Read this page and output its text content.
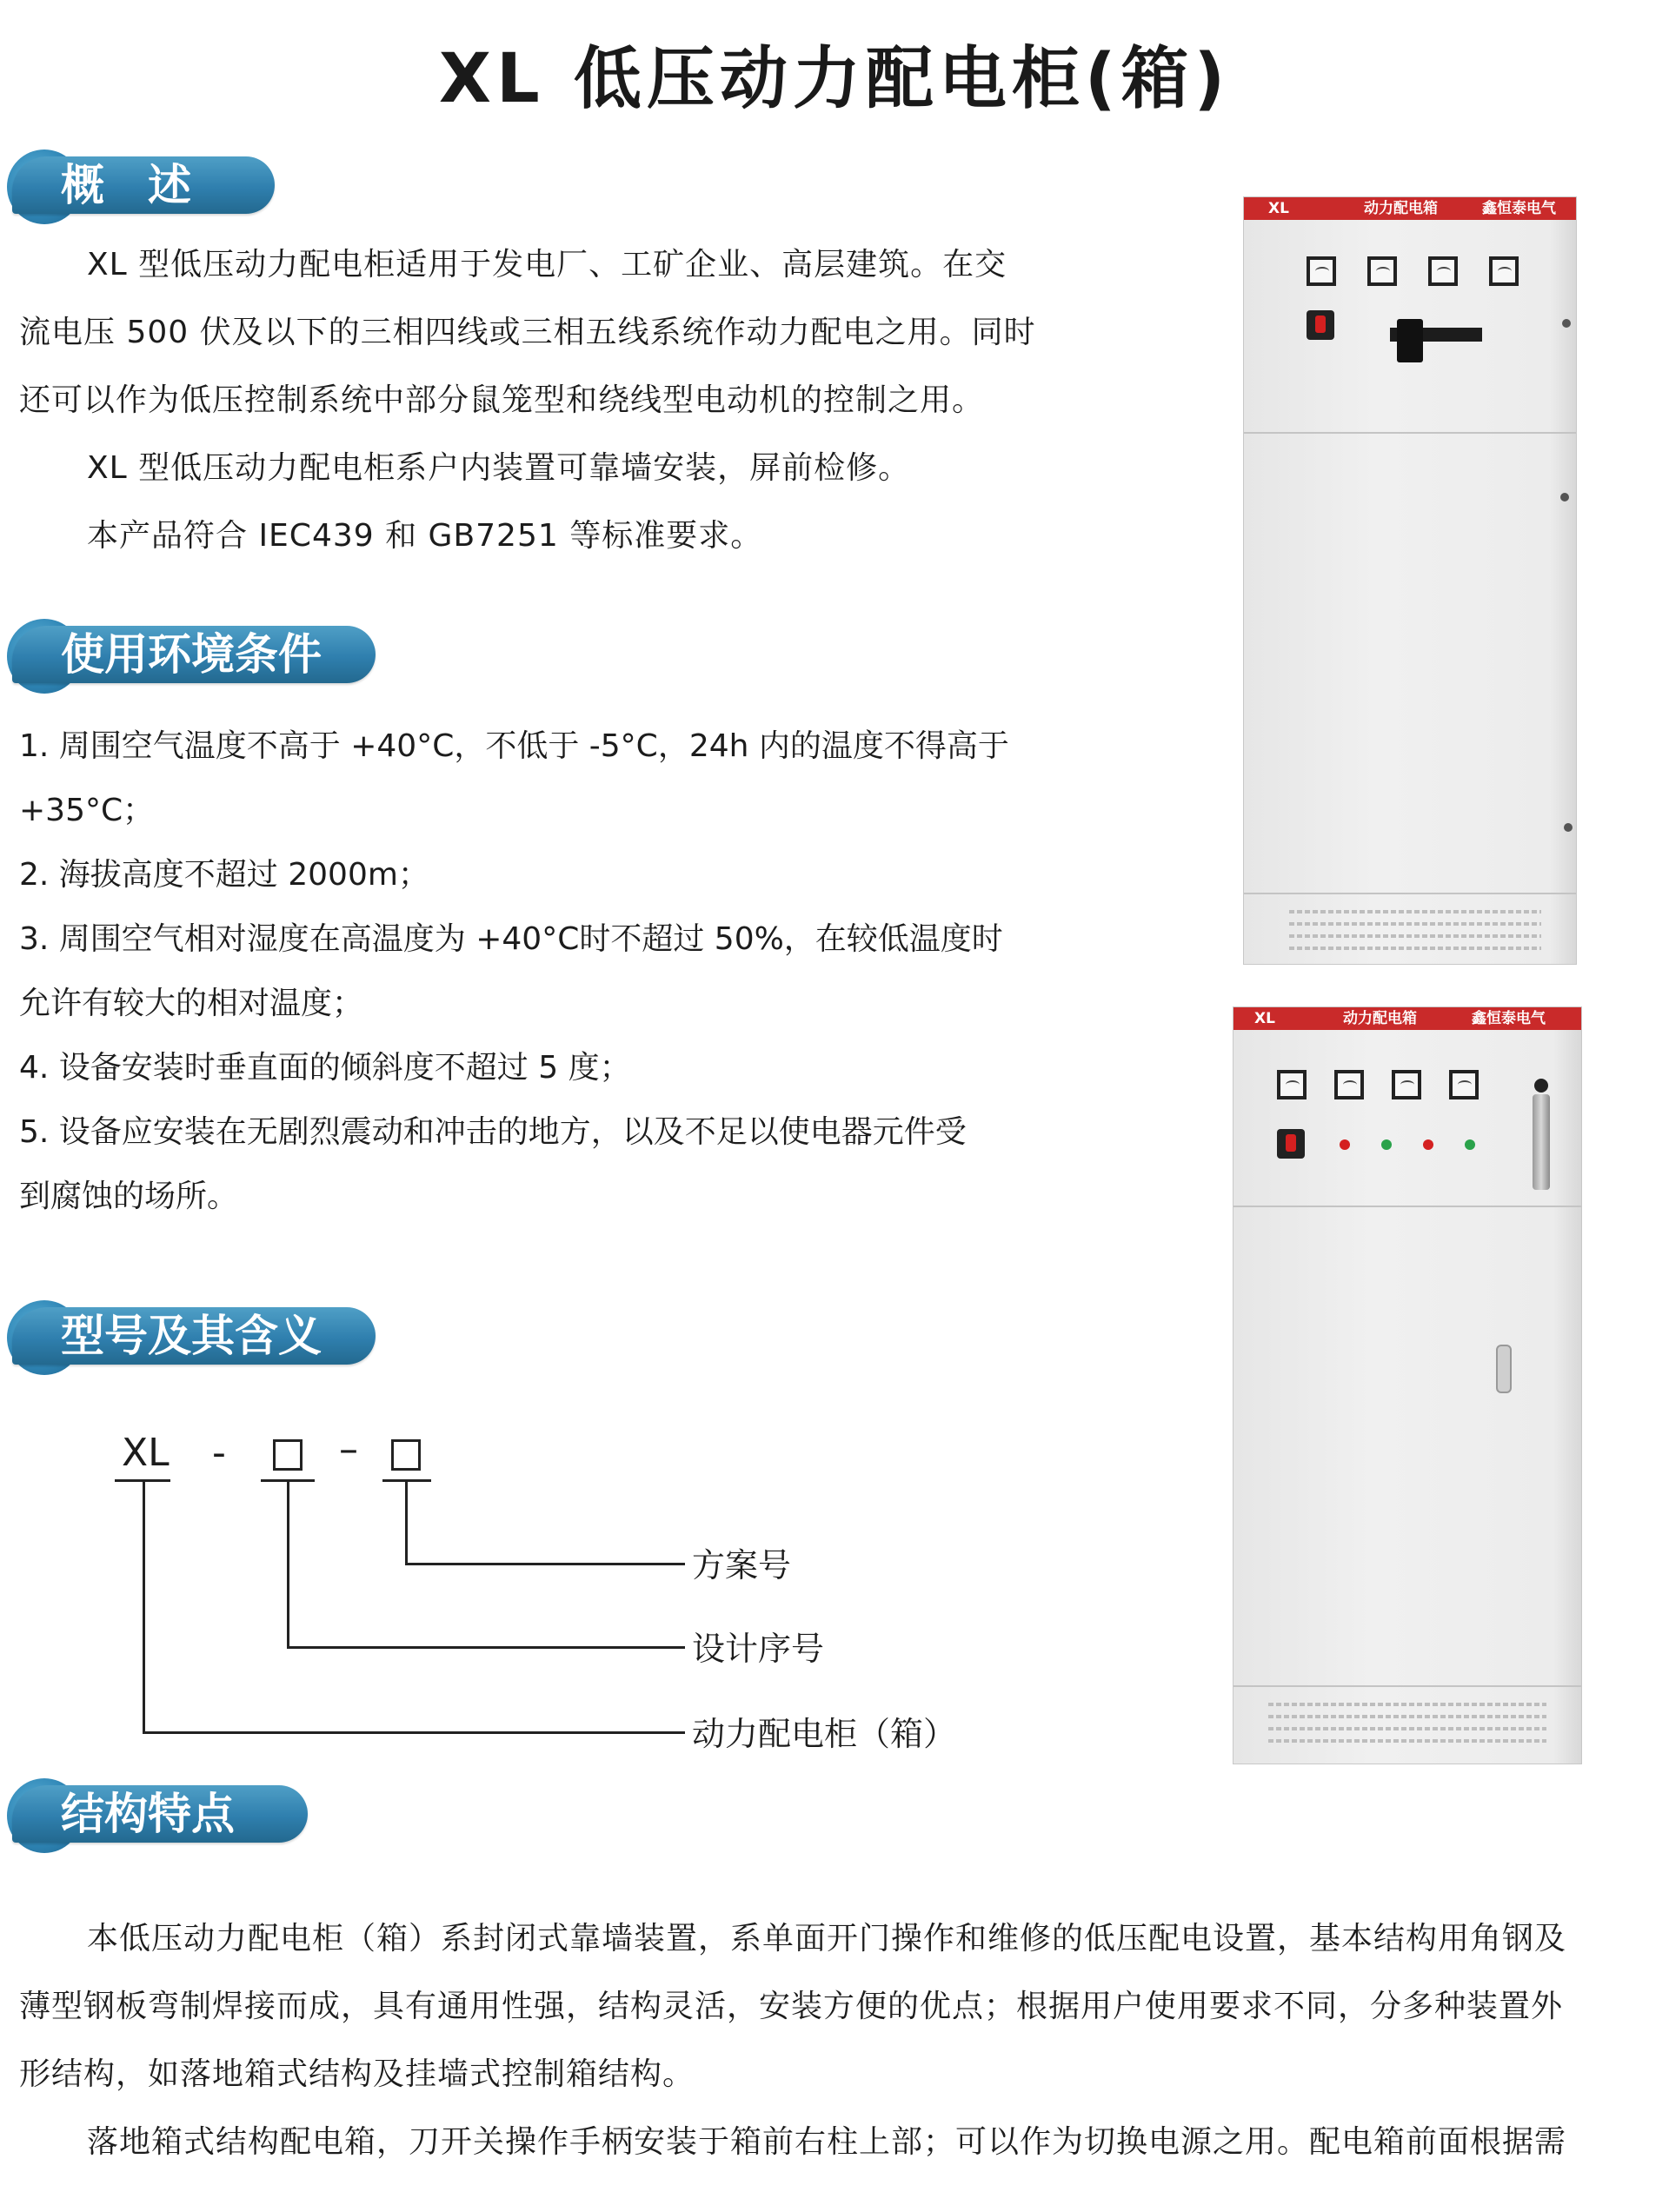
XL 低压动力配电柜(箱)
概　述

XL 型低压动力配电柜适用于发电厂、工矿企业、高层建筑。在交

流电压 500 伏及以下的三相四线或三相五线系统作动力配电之用。同时

还可以作为低压控制系统中部分鼠笼型和绕线型电动机的控制之用。

XL 型低压动力配电柜系户内装置可靠墙安装，屏前检修。

本产品符合 IEC439 和 GB7251 等标准要求。

使用环境条件

1. 周围空气温度不高于 +40°C，不低于 -5°C，24h 内的温度不得高于

+35°C；

2. 海拔高度不超过 2000m；

3. 周围空气相对湿度在高温度为 +40°C时不超过 50%，在较低温度时

允许有较大的相对温度；

4. 设备安装时垂直面的倾斜度不超过 5 度；

5. 设备应安装在无剧烈震动和冲击的地方，以及不足以使电器元件受

到腐蚀的场所。

型号及其含义
XL -	–
方案号
设计序号
动力配电柜（箱）
结构特点

本低压动力配电柜（箱）系封闭式靠墙装置，系单面开门操作和维修的低压配电设置，基本结构用角钢及

薄型钢板弯制焊接而成，具有通用性强，结构灵活，安装方便的优点；根据用户使用要求不同，分多种装置外

形结构，如落地箱式结构及挂墙式控制箱结构。

落地箱式结构配电箱，刀开关操作手柄安装于箱前右柱上部；可以作为切换电源之用。配电箱前面根据需

XL	动力配电箱	鑫恒泰电气
XL	动力配电箱	鑫恒泰电气
